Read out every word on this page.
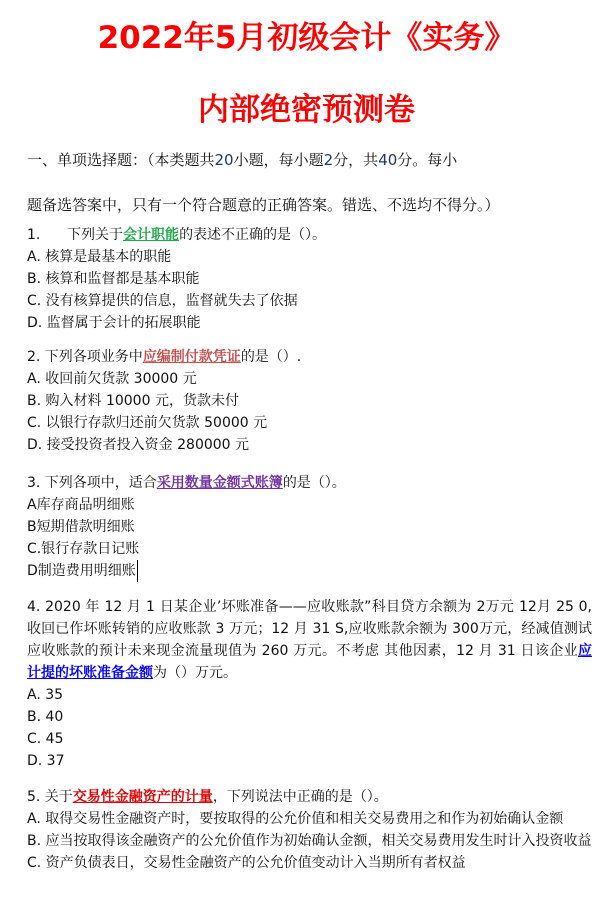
2022年5月初级会计《实务》
内部绝密预测卷
一、单项选择题：（本类题共20小题，每小题2分，共40分。每小
题备选答案中，只有一个符合题意的正确答案。错选、不选均不得分。）
1.      下列关于会计职能的表述不正确的是（）。
A. 核算是最基本的职能
B. 核算和监督都是基本职能
C. 没有核算提供的信息，监督就失去了依据
D. 监督属于会计的拓展职能
2. 下列各项业务中应编制付款凭证的是（）.
A. 收回前欠货款 30000 元
B. 购入材料 10000 元，货款未付
C. 以银行存款归还前欠货款 50000 元
D. 接受投资者投入资金 280000 元
3. 下列各项中，适合采用数量金额式账簿的是（）。
A库存商品明细账
B短期借款明细账
C.银行存款日记账
D制造费用明细账
4. 2020 年 12 月 1 日某企业’坏账准备——应收账款”科目贷方余额为 2万元 12月 25 0,收回已作坏账转销的应收账款 3 万元；12 月 31 S,应收账款余额为 300万元，经减值测试应收账款的预计未来现金流量现值为 260 万元。不考虑 其他因素，12 月 31 日该企业应计提的坏账准备金额为（）万元。
A. 35
B. 40
C. 45
D. 37
5. 关于交易性金融资产的计量，下列说法中正确的是（）。
A. 取得交易性金融资产时，要按取得的公允价值和相关交易费用之和作为初始确认金额
B. 应当按取得该金融资产的公允价值作为初始确认金额，相关交易费用发生时计入投资收益
C. 资产负债表日，交易性金融资产的公允价值变动计入当期所有者权益
